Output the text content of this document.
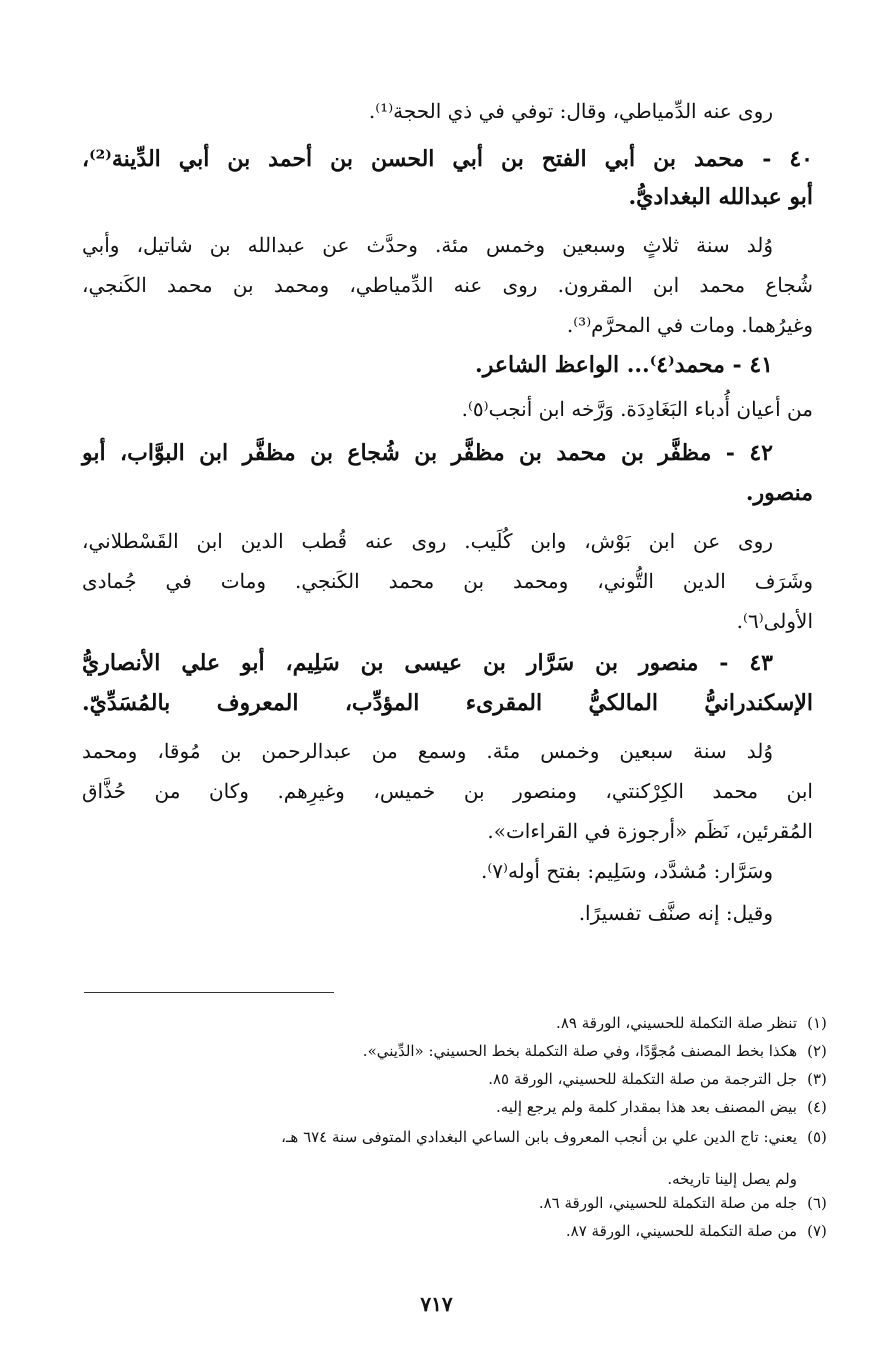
روى عنه الدِّمياطي، وقال: توفي في ذي الحجة⁽¹⁾.
٤٠ - محمد بن أبي الفتح بن أبي الحسن بن أحمد بن أبي الدِّينة⁽²⁾،
أبو عبدالله البغداديُّ.
وُلد سنة ثلاثٍ وسبعين وخمس مئة. وحدَّث عن عبدالله بن شاتيل، وأبي
شُجاع محمد ابن المقرون. روى عنه الدِّمياطي، ومحمد بن محمد الكَنجي،
وغيرُهما. ومات في المحرَّم⁽³⁾.
٤١ - محمد⁽٤⁾... الواعظ الشاعر.
من أعيان أُدباء البَغَادِدَة. وَرَّخه ابن أنجب⁽٥⁾.
٤٢ - مظفَّر بن محمد بن مظفَّر بن شُجاع بن مظفَّر ابن البوَّاب، أبو
منصور.
روى عن ابن بَوْش، وابن كُلَيب. روى عنه قُطب الدين ابن القَسْطلاني،
وشَرَف الدين التُّوني، ومحمد بن محمد الكَنجي. ومات في جُمادى
الأولى⁽٦⁾.
٤٣ - منصور بن سَرَّار بن عيسى بن سَلِيم، أبو علي الأنصاريُّ
الإسكندرانيُّ المالكيُّ المقرىء المؤدِّب، المعروف بالمُسَدِّيّ.
وُلد سنة سبعين وخمس مئة. وسمع من عبدالرحمن بن مُوقا، ومحمد
ابن محمد الكِرْكنتي، ومنصور بن خميس، وغيرِهم. وكان من حُذَّاق
المُقرئين، نَظَم «أرجوزة في القراءات».
وسَرَّار: مُشدَّد، وسَلِيم: بفتح أوله⁽٧⁾.
وقيل: إنه صنَّف تفسيرًا.
(١)تنظر صلة التكملة للحسيني، الورقة ٨٩.
(٢)هكذا بخط المصنف مُجوَّدًا، وفي صلة التكملة بخط الحسيني: «الدِّيني».
(٣)جل الترجمة من صلة التكملة للحسيني، الورقة ٨٥.
(٤)بيض المصنف بعد هذا بمقدار كلمة ولم يرجع إليه.
(٥)يعني: تاج الدين علي بن أنجب المعروف بابن الساعي البغدادي المتوفى سنة ٦٧٤ هـ،
(٦)جله من صلة التكملة للحسيني، الورقة ٨٦.
(٧)من صلة التكملة للحسيني، الورقة ٨٧.
ولم يصل إلينا تاريخه.
٧١٧
